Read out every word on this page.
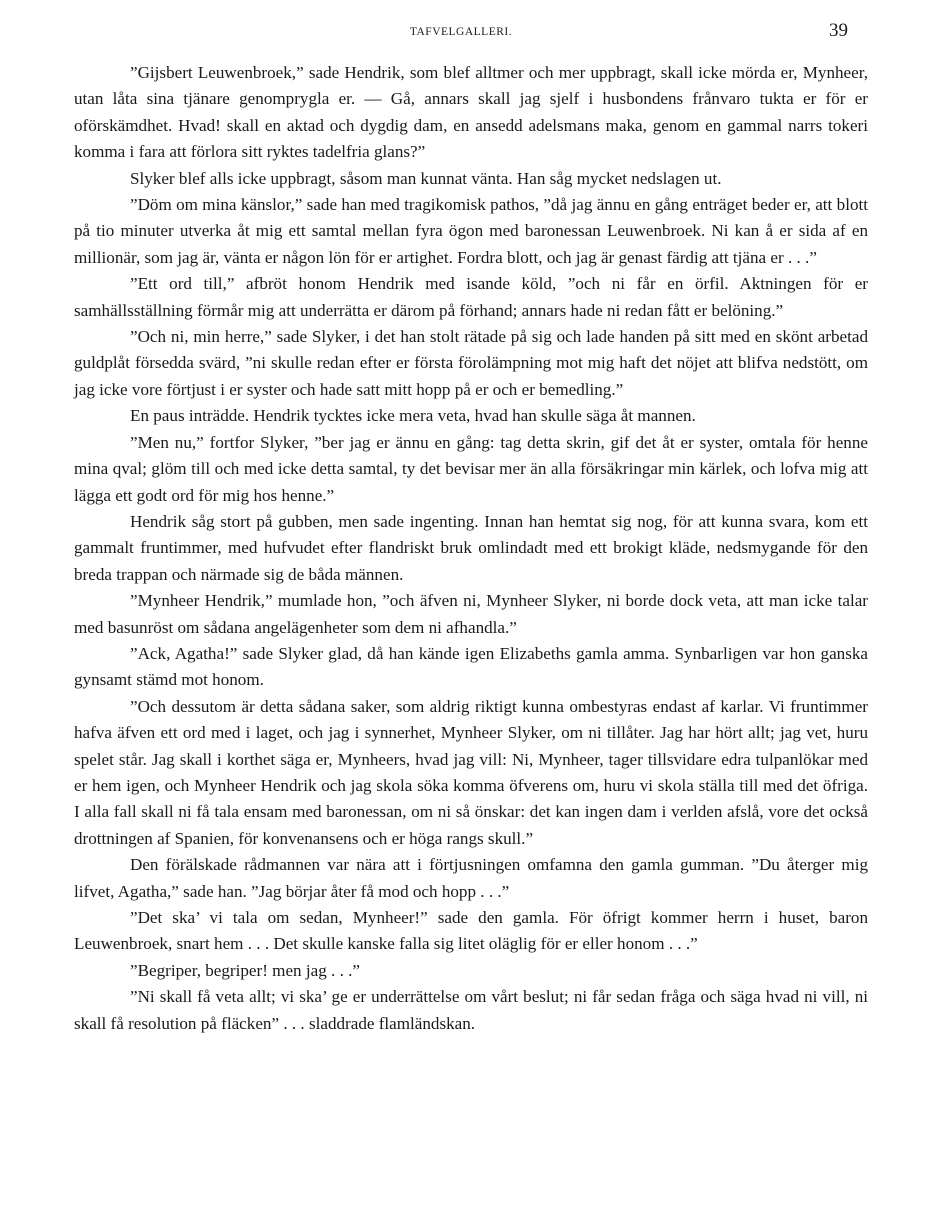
TAFVELGALLERI.	39

”Gijsbert Leuwenbroek,” sade Hendrik, som blef alltmer och mer uppbragt, skall icke mörda er, Mynheer, utan låta sina tjänare genomprygla er. — Gå, annars skall jag sjelf i husbondens frånvaro tukta er för er oförskämdhet. Hvad! skall en aktad och dygdig dam, en ansedd adelsmans maka, genom en gammal narrs tokeri komma i fara att förlora sitt ryktes tadelfria glans?”

Slyker blef alls icke uppbragt, såsom man kunnat vänta. Han såg mycket nedslagen ut.

”Döm om mina känslor,” sade han med tragikomisk pathos, ”då jag ännu en gång enträget beder er, att blott på tio minuter utverka åt mig ett samtal mellan fyra ögon med baronessan Leuwenbroek. Ni kan å er sida af en millionär, som jag är, vänta er någon lön för er artighet. Fordra blott, och jag är genast färdig att tjäna er . . .”

”Ett ord till,” afbröt honom Hendrik med isande köld, ”och ni får en örfil. Aktningen för er samhällsställning förmår mig att underrätta er därom på förhand; annars hade ni redan fått er belöning.”

”Och ni, min herre,” sade Slyker, i det han stolt rätade på sig och lade handen på sitt med en skönt arbetad guldplåt försedda svärd, ”ni skulle redan efter er första förolämpning mot mig haft det nöjet att blifva nedstött, om jag icke vore förtjust i er syster och hade satt mitt hopp på er och er bemedling.”

En paus inträdde. Hendrik tycktes icke mera veta, hvad han skulle säga åt mannen.

”Men nu,” fortfor Slyker, ”ber jag er ännu en gång: tag detta skrin, gif det åt er syster, omtala för henne mina qval; glöm till och med icke detta samtal, ty det bevisar mer än alla försäkringar min kärlek, och lofva mig att lägga ett godt ord för mig hos henne.”

Hendrik såg stort på gubben, men sade ingenting. Innan han hemtat sig nog, för att kunna svara, kom ett gammalt fruntimmer, med hufvudet efter flandriskt bruk omlindadt med ett brokigt kläde, nedsmygande för den breda trappan och närmade sig de båda männen.

”Mynheer Hendrik,” mumlade hon, ”och äfven ni, Mynheer Slyker, ni borde dock veta, att man icke talar med basunröst om sådana angelägenheter som dem ni afhandla.”

”Ack, Agatha!” sade Slyker glad, då han kände igen Elizabeths gamla amma. Synbarligen var hon ganska gynsamt stämd mot honom.

”Och dessutom är detta sådana saker, som aldrig riktigt kunna ombestyras endast af karlar. Vi fruntimmer hafva äfven ett ord med i laget, och jag i synnerhet, Mynheer Slyker, om ni tillåter. Jag har hört allt; jag vet, huru spelet står. Jag skall i korthet säga er, Mynheers, hvad jag vill: Ni, Mynheer, tager tillsvidare edra tulpanlökar med er hem igen, och Mynheer Hendrik och jag skola söka komma öfverens om, huru vi skola ställa till med det öfriga. I alla fall skall ni få tala ensam med baronessan, om ni så önskar: det kan ingen dam i verlden afslå, vore det också drottningen af Spanien, för konvenansens och er höga rangs skull.”

Den förälskade rådmannen var nära att i förtjusningen omfamna den gamla gumman. ”Du återger mig lifvet, Agatha,” sade han. ”Jag börjar åter få mod och hopp . . .”

”Det ska’ vi tala om sedan, Mynheer!” sade den gamla. För öfrigt kommer herrn i huset, baron Leuwenbroek, snart hem . . . Det skulle kanske falla sig litet oläglig för er eller honom . . .”

”Begriper, begriper! men jag . . .”

”Ni skall få veta allt; vi ska’ ge er underrättelse om vårt beslut; ni får sedan fråga och säga hvad ni vill, ni skall få resolution på fläcken” . . . sladdrade flamländskan.
